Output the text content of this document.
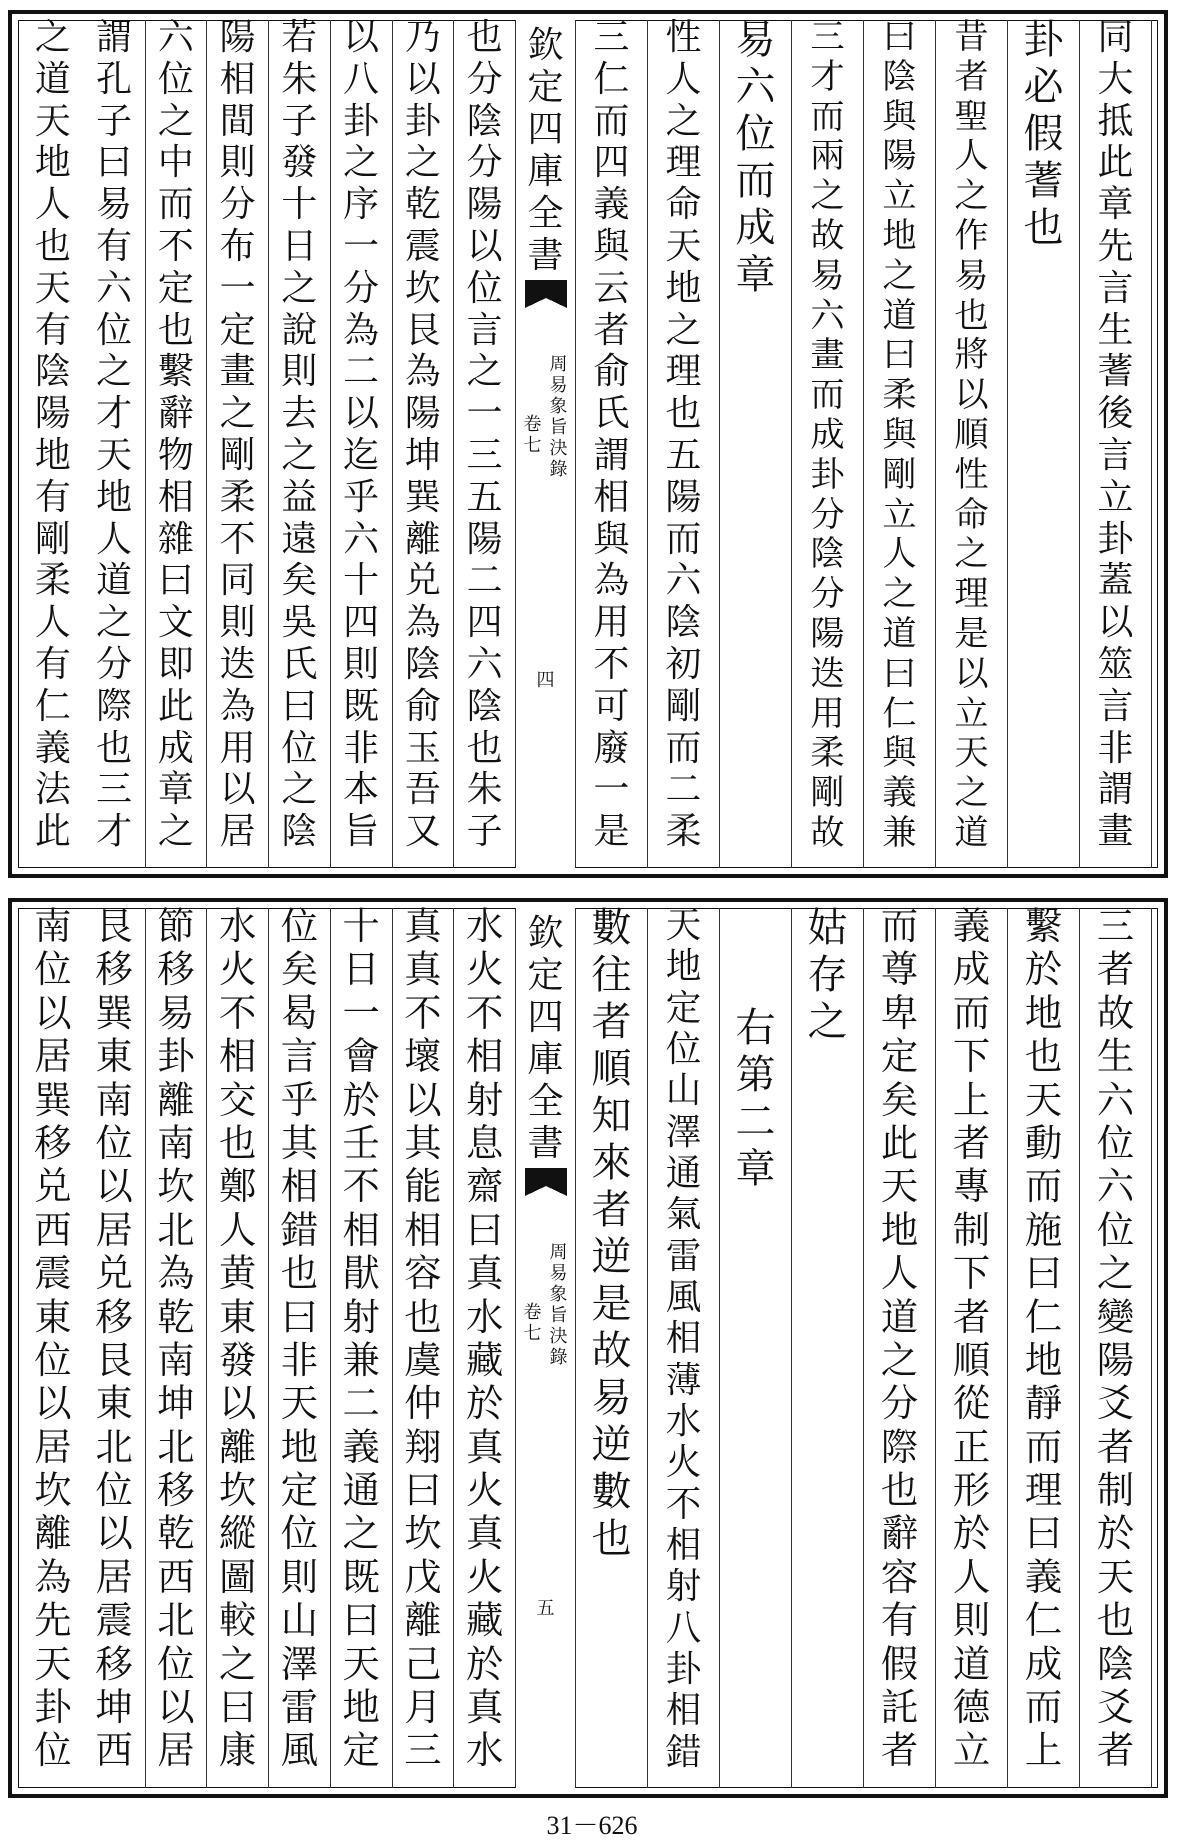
同
大
抵
此
章
先
言
生
蓍
後
言
立
卦
蓋
以
筮
言
非
謂
畫
卦
必
假
蓍
也
昔
者
聖
人
之
作
易
也
將
以
順
性
命
之
理
是
以
立
天
之
道
曰
陰
與
陽
立
地
之
道
曰
柔
與
剛
立
人
之
道
曰
仁
與
義
兼
三
才
而
兩
之
故
易
六
畫
而
成
卦
分
陰
分
陽
迭
用
柔
剛
故
易
六
位
而
成
章
性
人
之
理
命
天
地
之
理
也
五
陽
而
六
陰
初
剛
而
二
柔
三
仁
而
四
義
與
云
者
俞
氏
謂
相
與
為
用
不
可
廢
一
是
欽
定
四
庫
全
書
周
易
象
旨
決
錄
卷
七
四
也
分
陰
分
陽
以
位
言
之
一
三
五
陽
二
四
六
陰
也
朱
子
乃
以
卦
之
乾
震
坎
艮
為
陽
坤
巽
離
兑
為
陰
俞
玉
吾
又
以
八
卦
之
序
一
分
為
二
以
迄
乎
六
十
四
則
既
非
本
旨
若
朱
子
發
十
日
之
說
則
去
之
益
遠
矣
吳
氏
曰
位
之
陰
陽
相
間
則
分
布
一
定
畫
之
剛
柔
不
同
則
迭
為
用
以
居
六
位
之
中
而
不
定
也
繫
辭
物
相
雜
曰
文
即
此
成
章
之
謂
孔
子
曰
易
有
六
位
之
才
天
地
人
道
之
分
際
也
三
才
之
道
天
地
人
也
天
有
陰
陽
地
有
剛
柔
人
有
仁
義
法
此
三
者
故
生
六
位
六
位
之
變
陽
爻
者
制
於
天
也
陰
爻
者
繫
於
地
也
天
動
而
施
曰
仁
地
靜
而
理
曰
義
仁
成
而
上
義
成
而
下
上
者
專
制
下
者
順
從
正
形
於
人
則
道
德
立
而
尊
卑
定
矣
此
天
地
人
道
之
分
際
也
辭
容
有
假
託
者
姑
存
之
右
第
二
章
天
地
定
位
山
澤
通
氣
雷
風
相
薄
水
火
不
相
射
八
卦
相
錯
數
往
者
順
知
來
者
逆
是
故
易
逆
數
也
欽
定
四
庫
全
書
周
易
象
旨
決
錄
卷
七
五
水
火
不
相
射
息
齋
曰
真
水
藏
於
真
火
真
火
藏
於
真
水
真
真
不
壞
以
其
能
相
容
也
虞
仲
翔
曰
坎
戊
離
己
月
三
十
日
一
會
於
壬
不
相
猒
射
兼
二
義
通
之
既
曰
天
地
定
位
矣
曷
言
乎
其
相
錯
也
曰
非
天
地
定
位
則
山
澤
雷
風
水
火
不
相
交
也
鄭
人
黄
東
發
以
離
坎
縱
圖
較
之
曰
康
節
移
易
卦
離
南
坎
北
為
乾
南
坤
北
移
乾
西
北
位
以
居
艮
移
巽
東
南
位
以
居
兑
移
艮
東
北
位
以
居
震
移
坤
西
南
位
以
居
巽
移
兑
西
震
東
位
以
居
坎
離
為
先
天
卦
位
31－626
